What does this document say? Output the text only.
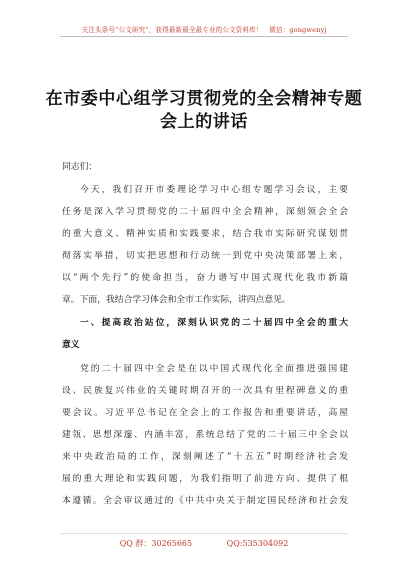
关注头条号“公文研究”，获得最新最全最专业的公文资料库！　微信：gongwenyj
在市委中心组学习贯彻党的全会精神专题
会上的讲话
同志们：
今天，我们召开市委理论学习中心组专题学习会议，主要
任务是深入学习贯彻党的二十届四中全会精神，深刻领会全会
的重大意义、精神实质和实践要求，结合我市实际研究谋划贯
彻落实举措，切实把思想和行动统一到党中央决策部署上来，
以“两个先行”的使命担当，奋力谱写中国式现代化我市新篇
章。下面，我结合学习体会和全市工作实际，讲四点意见。
一、提高政治站位，深刻认识党的二十届四中全会的重大
意义
党的二十届四中全会是在以中国式现代化全面推进强国建
设、民族复兴伟业的关键时期召开的一次具有里程碑意义的重
要会议。习近平总书记在全会上的工作报告和重要讲话，高屋
建瓴、思想深邃、内涵丰富，系统总结了党的二十届三中全会以
来中央政治局的工作，深刻阐述了“十五五”时期经济社会发
展的重大理论和实践问题，为我们指明了前进方向、提供了根
本遵循。全会审议通过的《中共中央关于制定国民经济和社会发
QQ 群：30265665	QQ:535304092
